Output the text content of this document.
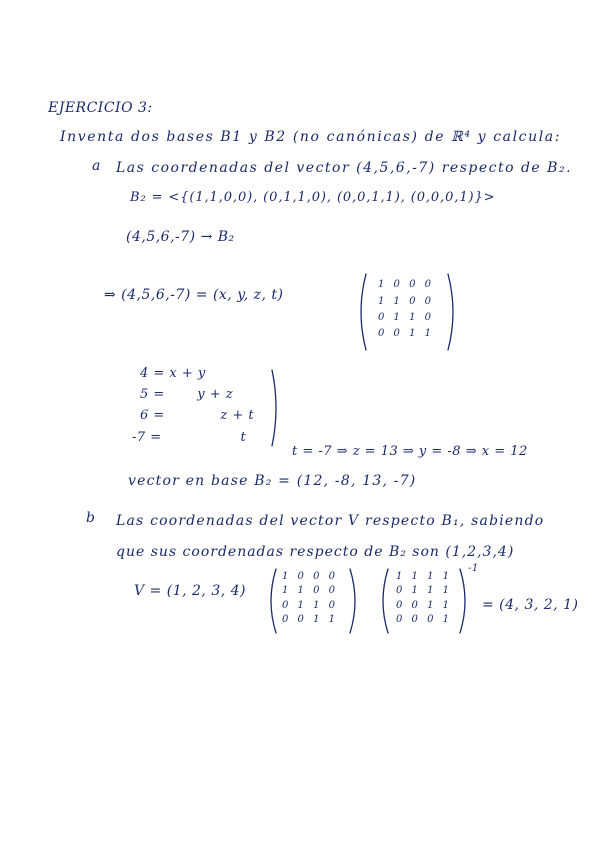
EJERCICIO 3:
Inventa dos bases B1 y B2 (no canónicas) de ℝ⁴ y calcula:
a Las coordenadas del vector (4,5,6,-7) respecto de B₂.
B₂ = <{(1,1,0,0), (0,1,1,0), (0,0,1,1), (0,0,0,1)}>
(4,5,6,-7) → B₂
⇒ (4,5,6,-7) = (x, y, z, t)
1 0 0 0
1 1 0 0
0 1 1 0
0 0 1 1
4 = x + y
5 =       y + z
6 =            z + t
-7 =                 t
t = -7 ⇒ z = 13 ⇒ y = -8 ⇒ x = 12
vector en base B₂ = (12, -8, 13, -7)
b Las coordenadas del vector V respecto B₁, sabiendo
que sus coordenadas respecto de B₂ son (1,2,3,4)
V = (1, 2, 3, 4)
1 0 0 0
1 1 0 0
0 1 1 0
0 0 1 1
1 1 1 1
0 1 1 1
0 0 1 1
0 0 0 1
-1
= (4, 3, 2, 1)
